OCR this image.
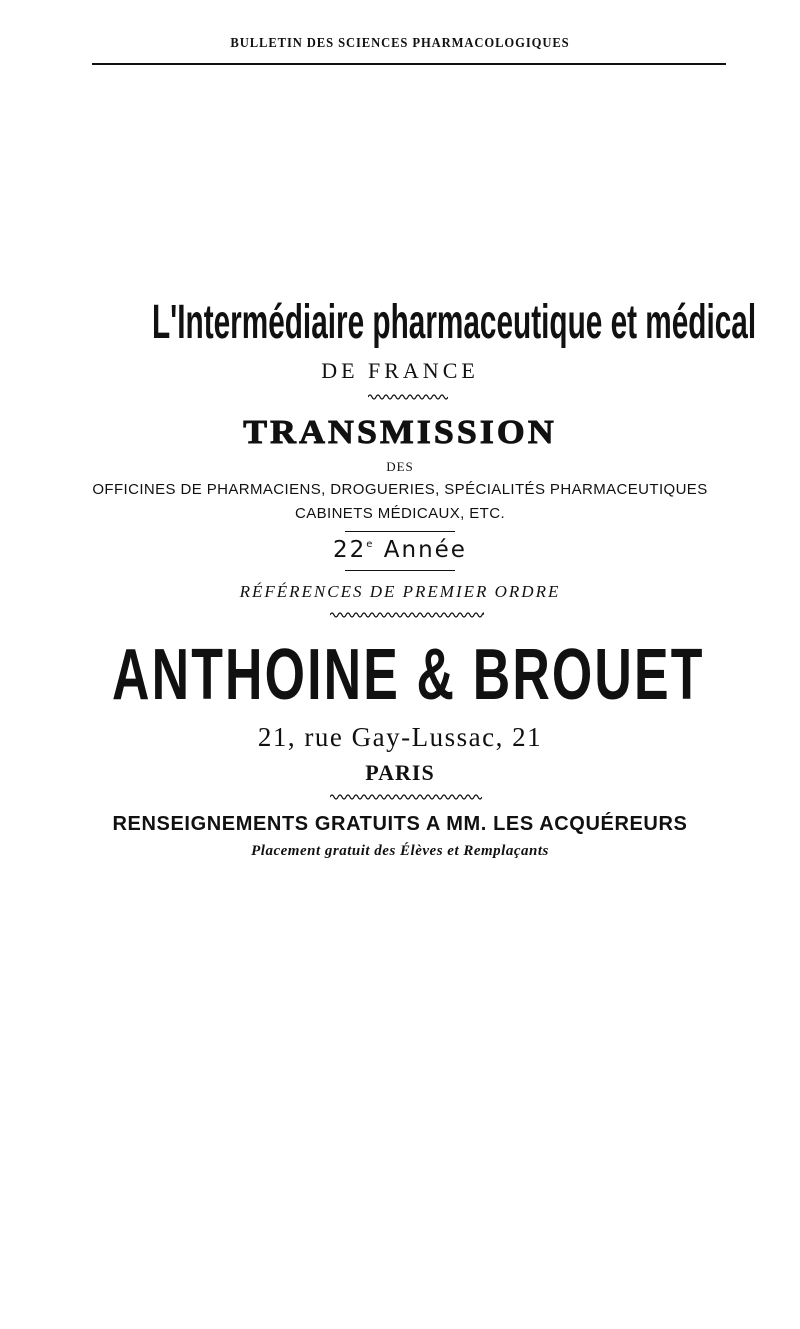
BULLETIN DES SCIENCES PHARMACOLOGIQUES
L'Intermédiaire pharmaceutique et médical
DE FRANCE
TRANSMISSION
DES
OFFICINES DE PHARMACIENS, DROGUERIES, SPÉCIALITÉS PHARMACEUTIQUES
CABINETS MÉDICAUX, ETC.
22e Année
RÉFÉRENCES DE PREMIER ORDRE
ANTHOINE & BROUET
21, rue Gay-Lussac, 21
PARIS
RENSEIGNEMENTS GRATUITS A MM. LES ACQUÉREURS
Placement gratuit des Élèves et Remplaçants
